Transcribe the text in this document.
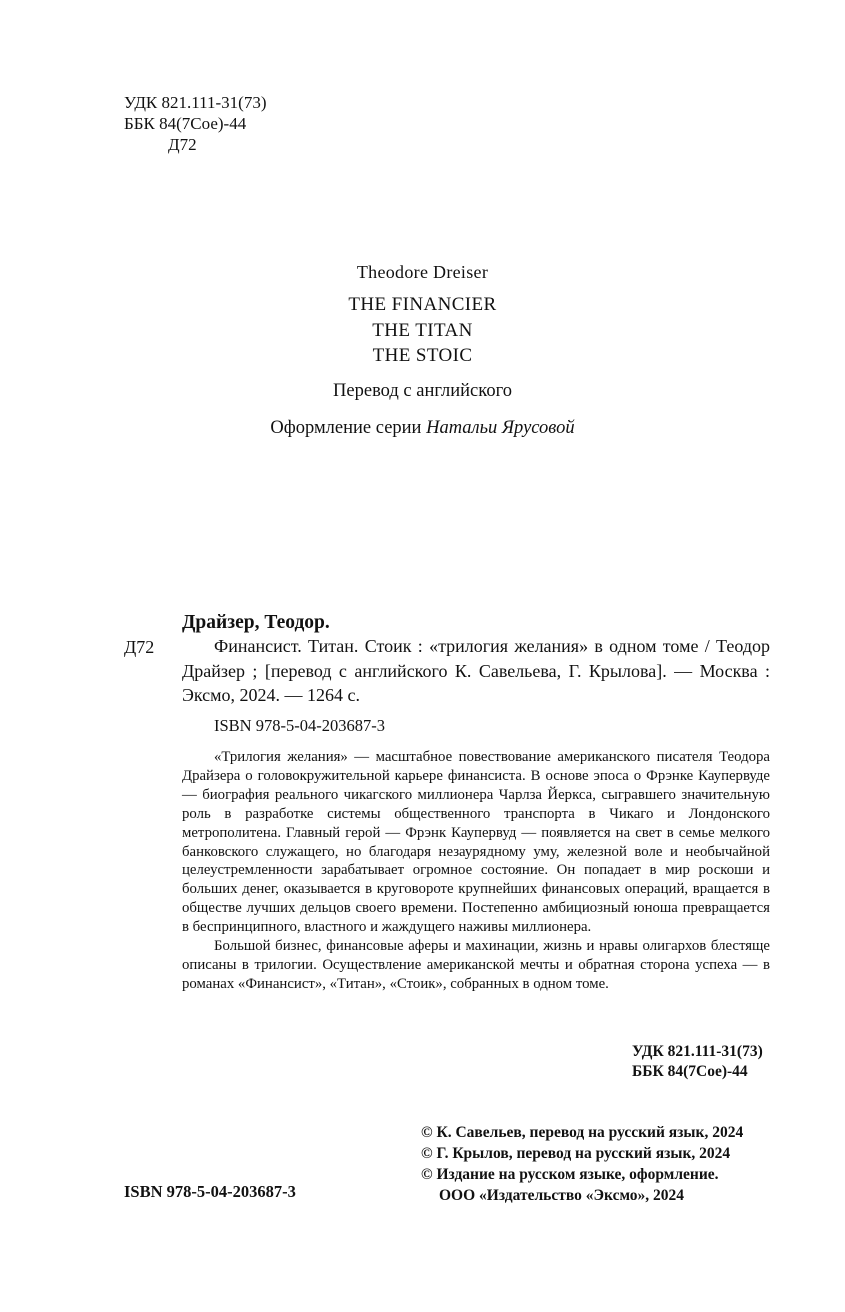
УДК 821.111-31(73)
ББК 84(7Сое)-44
Д72
Theodore Dreiser
THE FINANCIER
THE TITAN
THE STOIC
Перевод с английского
Оформление серии Натальи Ярусовой
Драйзер, Теодор.
Д72	Финансист. Титан. Стоик : «трилогия желания» в одном томе / Теодор Драйзер ; [перевод с английского К. Савельева, Г. Крылова]. — Москва : Эксмо, 2024. — 1264 с.
ISBN 978-5-04-203687-3

«Трилогия желания» — масштабное повествование американского писателя Теодора Драйзера о головокружительной карьере финансиста. В основе эпоса о Фрэнке Каупервуде — биография реального чикагского миллионера Чарлза Йеркса, сыгравшего значительную роль в разработке системы общественного транспорта в Чикаго и Лондонского метрополитена. Главный герой — Фрэнк Каупервуд — появляется на свет в семье мелкого банковского служащего, но благодаря незаурядному уму, железной воле и необычайной целеустремленности зарабатывает огромное состояние. Он попадает в мир роскоши и больших денег, оказывается в круговороте крупнейших финансовых операций, вращается в обществе лучших дельцов своего времени. Постепенно амбициозный юноша превращается в беспринципного, властного и жаждущего наживы миллионера.

Большой бизнес, финансовые аферы и махинации, жизнь и нравы олигархов блестяще описаны в трилогии. Осуществление американской мечты и обратная сторона успеха — в романах «Финансист», «Титан», «Стоик», собранных в одном томе.

УДК 821.111-31(73)
ББК 84(7Сое)-44
© К. Савельев, перевод на русский язык, 2024
© Г. Крылов, перевод на русский язык, 2024
© Издание на русском языке, оформление.
ООО «Издательство «Эксмо», 2024
ISBN 978-5-04-203687-3
